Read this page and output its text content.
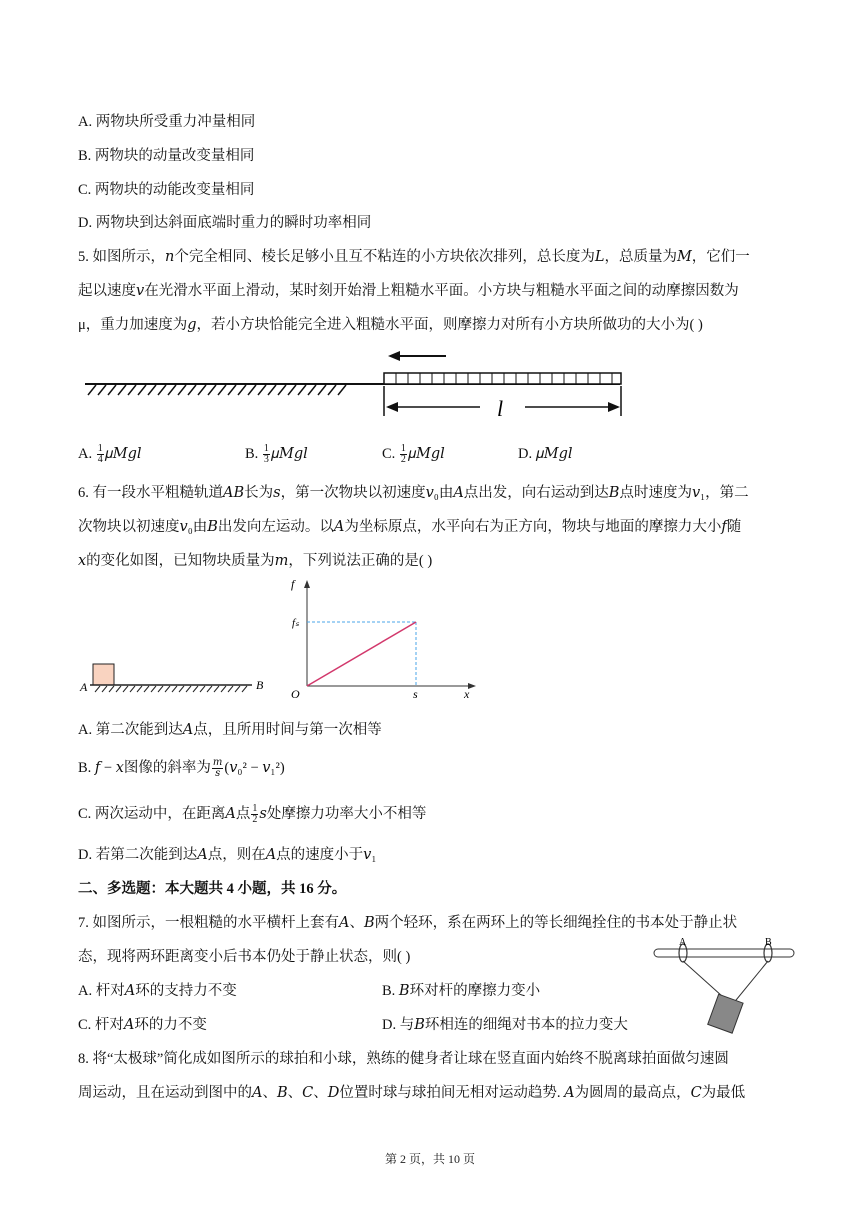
A. 两物块所受重力冲量相同
B. 两物块的动量改变量相同
C. 两物块的动能改变量相同
D. 两物块到达斜面底端时重力的瞬时功率相同
5. 如图所示，𝑛个完全相同、棱长足够小且互不粘连的小方块依次排列，总长度为𝐿，总质量为𝑀，它们一
起以速度𝑣在光滑水平面上滑动，某时刻开始滑上粗糙水平面。小方块与粗糙水平面之间的动摩擦因数为
μ，重力加速度为𝑔，若小方块恰能完全进入粗糙水平面，则摩擦力对所有小方块所做功的大小为( )
l
A. $\frac{1}{4}$ 𝜇𝑀𝑔𝑙	B. $\frac{1}{3}$ 𝜇𝑀𝑔𝑙	C. $\frac{1}{2}$ 𝜇𝑀𝑔𝑙	D. 𝜇𝑀𝑔𝑙
6. 有一段水平粗糙轨道𝐴𝐵长为𝑠，第一次物块以初速度𝑣₀由𝐴点出发，向右运动到达𝐵点时速度为𝑣₁，第二
次物块以初速度𝑣₀由𝐵出发向左运动。以𝐴为坐标原点，水平向右为正方向，物块与地面的摩擦力大小𝑓随
𝑥的变化如图，已知物块质量为𝑚，下列说法正确的是( )
A	B
f
fₛ
O	s	x
A. 第二次能到达𝐴点，且所用时间与第一次相等
B. 𝑓 − 𝑥图像的斜率为 $\frac{\text{𝑚}}{\text{𝑠}}$ (𝑣₀² − 𝑣₁²)
C. 两次运动中，在距离𝐴点 $\frac{1}{2}$ 𝑠处摩擦力功率大小不相等
D. 若第二次能到达𝐴点，则在𝐴点的速度小于𝑣₁
二、多选题：本大题共 4 小题，共 16 分。
7. 如图所示，一根粗糙的水平横杆上套有𝐴、𝐵两个轻环，系在两环上的等长细绳拴住的书本处于静止状
态，现将两环距离变小后书本仍处于静止状态，则( )
A	B
A. 杆对𝐴环的支持力不变	B. 𝐵环对杆的摩擦力变小
C. 杆对𝐴环的力不变	D. 与𝐵环相连的细绳对书本的拉力变大
8. 将“太极球”简化成如图所示的球拍和小球，熟练的健身者让球在竖直面内始终不脱离球拍面做匀速圆
周运动，且在运动到图中的𝐴、𝐵、𝐶、𝐷位置时球与球拍间无相对运动趋势. 𝐴为圆周的最高点，𝐶为最低
第 2 页，共 10 页
